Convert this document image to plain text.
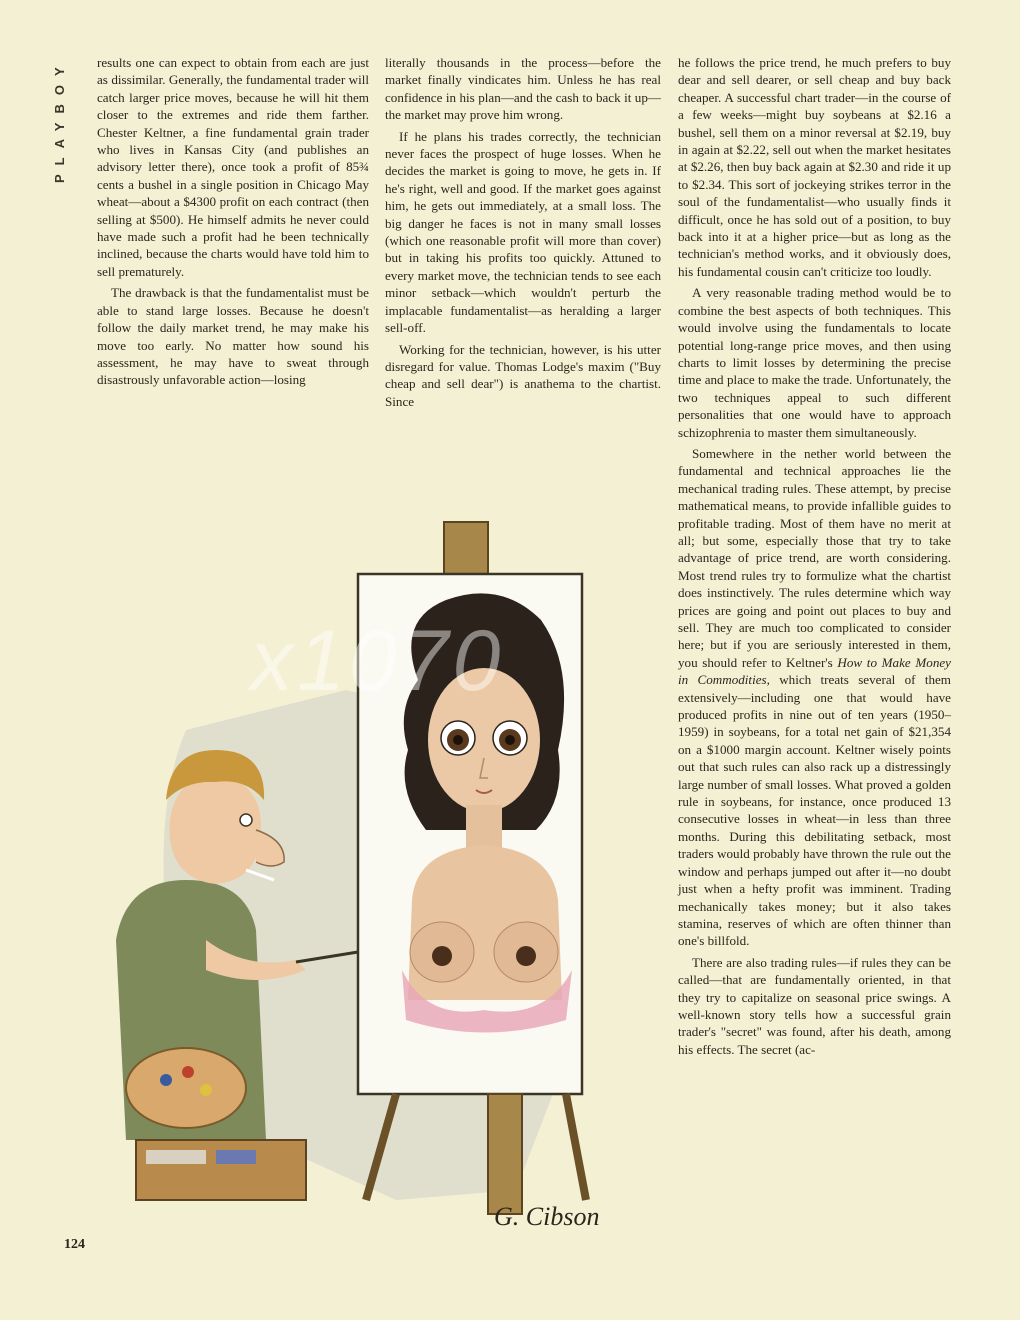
PLAYBOY	results one can expect to obtain from each are just as dissimilar. Generally, the fundamental trader will catch larger price moves, because he will hit them closer to the extremes and ride them farther. Chester Keltner, a fine fundamental grain trader who lives in Kansas City (and publishes an advisory letter there), once took a profit of 85¾ cents a bushel in a single position in Chicago May wheat—about a $4300 profit on each contract (then selling at $500). He himself admits he never could have made such a profit had he been technically inclined, because the charts would have told him to sell prematurely.

The drawback is that the fundamentalist must be able to stand large losses. Because he doesn't follow the daily market trend, he may make his move too early. No matter how sound his assessment, he may have to sweat through disastrously unfavorable action—losing

literally thousands in the process—before the market finally vindicates him. Unless he has real confidence in his plan—and the cash to back it up—the market may prove him wrong.

If he plans his trades correctly, the technician never faces the prospect of huge losses. When he decides the market is going to move, he gets in. If he's right, well and good. If the market goes against him, he gets out immediately, at a small loss. The big danger he faces is not in many small losses (which one reasonable profit will more than cover) but in taking his profits too quickly. Attuned to every market move, the technician tends to see each minor setback—which wouldn't perturb the implacable fundamentalist—as heralding a larger sell-off.

Working for the technician, however, is his utter disregard for value. Thomas Lodge's maxim ("Buy cheap and sell dear") is anathema to the chartist. Since

he follows the price trend, he much prefers to buy dear and sell dearer, or sell cheap and buy back cheaper. A successful chart trader—in the course of a few weeks—might buy soybeans at $2.16 a bushel, sell them on a minor reversal at $2.19, buy in again at $2.22, sell out when the market hesitates at $2.26, then buy back again at $2.30 and ride it up to $2.34. This sort of jockeying strikes terror in the soul of the fundamentalist—who usually finds it difficult, once he has sold out of a position, to buy back into it at a higher price—but as long as the technician's method works, and it obviously does, his fundamental cousin can't criticize too loudly.

A very reasonable trading method would be to combine the best aspects of both techniques. This would involve using the fundamentals to locate potential long-range price moves, and then using charts to limit losses by determining the precise time and place to make the trade. Unfortunately, the two techniques appeal to such different personalities that one would have to approach schizophrenia to master them simultaneously.

Somewhere in the nether world between the fundamental and technical approaches lie the mechanical trading rules. These attempt, by precise mathematical means, to provide infallible guides to profitable trading. Most of them have no merit at all; but some, especially those that try to take advantage of price trend, are worth considering. Most trend rules try to formulize what the chartist does instinctively. The rules determine which way prices are going and point out places to buy and sell. They are much too complicated to consider here; but if you are seriously interested in them, you should refer to Keltner's How to Make Money in Commodities, which treats several of them extensively—including one that would have produced profits in nine out of ten years (1950–1959) in soybeans, for a total net gain of $21,354 on a $1000 margin account. Keltner wisely points out that such rules can also rack up a distressingly large number of small losses. What proved a golden rule in soybeans, for instance, once produced 13 consecutive losses in wheat—in less than three months. During this debilitating setback, most traders would probably have thrown the rule out the window and perhaps jumped out after it—no doubt just when a hefty profit was imminent. Trading mechanically takes money; but it also takes stamina, reserves of which are often thinner than one's billfold.

There are also trading rules—if rules they can be called—that are fundamentally oriented, in that they try to capitalize on seasonal price swings. A well-known story tells how a successful grain trader's "secret" was found, after his death, among his effects. The secret (ac-

G. Cibson
x1070
124
